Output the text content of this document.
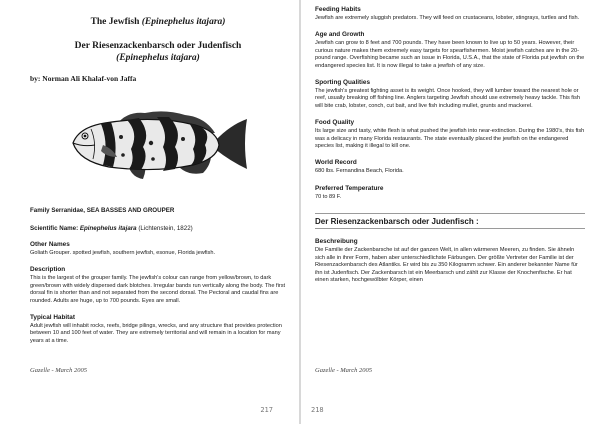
The Jewfish (Epinephelus itajara)
Der Riesenzackenbarsch oder Judenfisch
(Epinephelus itajara)
by: Norman Ali Khalaf-von Jaffa
Family Serranidae, SEA BASSES AND GROUPER
Scientific Name: Epinephelus itajara (Lichtenstein, 1822)
Other Names
Goliath Grouper. spotted jewfish, southern jewfish, esonue, Florida jewfish.
Description
This is the largest of the grouper family. The jewfish's colour can range from yellow/brown, to dark green/brown with widely dispersed dark blotches. Irregular bands run vertically along the body. The first dorsal fin is shorter than and not separated from the second dorsal. The Pectoral and caudal fins are rounded. Adults are huge, up to 700 pounds. Eyes are small.
Typical Habitat
Adult jewfish will inhabit rocks, reefs, bridge pilings, wrecks, and any structure that provides protection between 10 and 100 feet of water. They are extremely territorial and will remain in a location for many years at a time.
Gazelle - March 2005
217
Feeding Habits
Jewfish are extremely sluggish predators. They will feed on crustaceans, lobster, stingrays, turtles and fish.
Age and Growth
Jewfish can grow to 8 feet and 700 pounds. They have been known to live up to 50 years. However, their curious nature makes them extremely easy targets for spearfishermen. Moist jewfish catches are in the 20-pound range. Overfishing became such an issue in Florida, U.S.A., that the state of Florida put jewfish on the endangered species list. It is now illegal to take a jewfish of any size.
Sporting Qualities
The jewfish's greatest fighting asset is its weight. Once hooked, they will lumber toward the nearest hole or reef, usually breaking off fishing line. Anglers targeting Jewfish should use extremely heavy tackle. This fish will bite crab, lobster, conch, cut bait, and live fish including mullet, grunts and mackerel.
Food Quality
Its large size and tasty, white flesh is what pushed the jewfish into near-extinction. During the 1980's, this fish was a delicacy in many Florida restaurants. The state eventually placed the jewfish on the endangered species list, making it illegal to kill one.
World Record
680 lbs. Fernandina Beach, Florida.
Preferred Temperature
70 to 89 F.
Der Riesenzackenbarsch oder Judenfisch :
Beschreibung
Die Familie der Zackenbarsche ist auf der ganzen Welt, in allen wärmeren Meeren, zu finden. Sie ähneln sich alle in ihrer Form, haben aber unterschiedlichste Färbungen. Der größte Vertreter der Familie ist der Riesenzackenbarsch des Atlantiks. Er wird bis zu 350 Kilogramm schwer. Ein anderer bekannter Name für ihn ist Judenfisch. Der Zackenbarsch ist ein Meerbarsch und zählt zur Klasse der Knochenfische. Er hat einen starken, hochgewölbter Körper, einen
Gazelle - March 2005
218
